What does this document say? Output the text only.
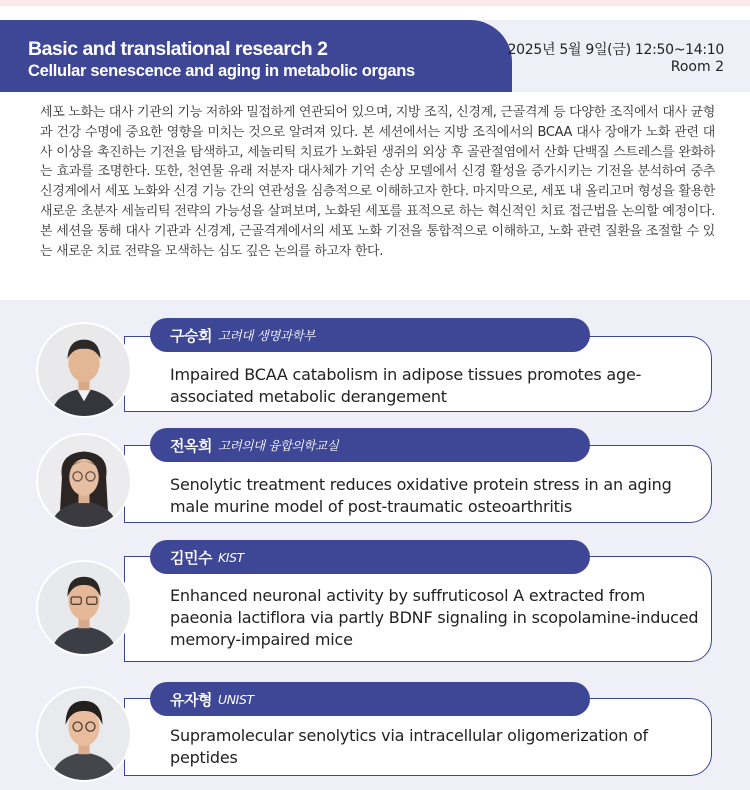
Basic and translational research 2
Cellular senescence and aging in metabolic organs
2025년 5월 9일(금) 12:50~14:10
Room 2

세포 노화는 대사 기관의 기능 저하와 밀접하게 연관되어 있으며, 지방 조직, 신경계, 근골격계 등 다양한 조직에서 대사 균형과 건강 수명에 중요한 영향을 미치는 것으로 알려져 있다. 본 세션에서는 지방 조직에서의 BCAA 대사 장애가 노화 관련 대사 이상을 촉진하는 기전을 탐색하고, 세놀리틱 치료가 노화된 생쥐의 외상 후 골관절염에서 산화 단백질 스트레스를 완화하는 효과를 조명한다. 또한, 천연물 유래 저분자 대사체가 기억 손상 모델에서 신경 활성을 증가시키는 기전을 분석하여 중추신경계에서 세포 노화와 신경 기능 간의 연관성을 심층적으로 이해하고자 한다. 마지막으로, 세포 내 올리고머 형성을 활용한 새로운 초분자 세놀리틱 전략의 가능성을 살펴보며, 노화된 세포를 표적으로 하는 혁신적인 치료 접근법을 논의할 예정이다. 본 세션을 통해 대사 기관과 신경계, 근골격계에서의 세포 노화 기전을 통합적으로 이해하고, 노화 관련 질환을 조절할 수 있는 새로운 치료 전략을 모색하는 심도 깊은 논의를 하고자 한다.

구승회 고려대 생명과학부
Impaired BCAA catabolism in adipose tissues promotes age-associated metabolic derangement
전옥희 고려의대 융합의학교실
Senolytic treatment reduces oxidative protein stress in an aging male murine model of post-traumatic osteoarthritis
김민수 KIST
Enhanced neuronal activity by suffruticosol A extracted from paeonia lactiflora via partly BDNF signaling in scopolamine-induced memory-impaired mice
유자형 UNIST
Supramolecular senolytics via intracellular oligomerization of peptides
